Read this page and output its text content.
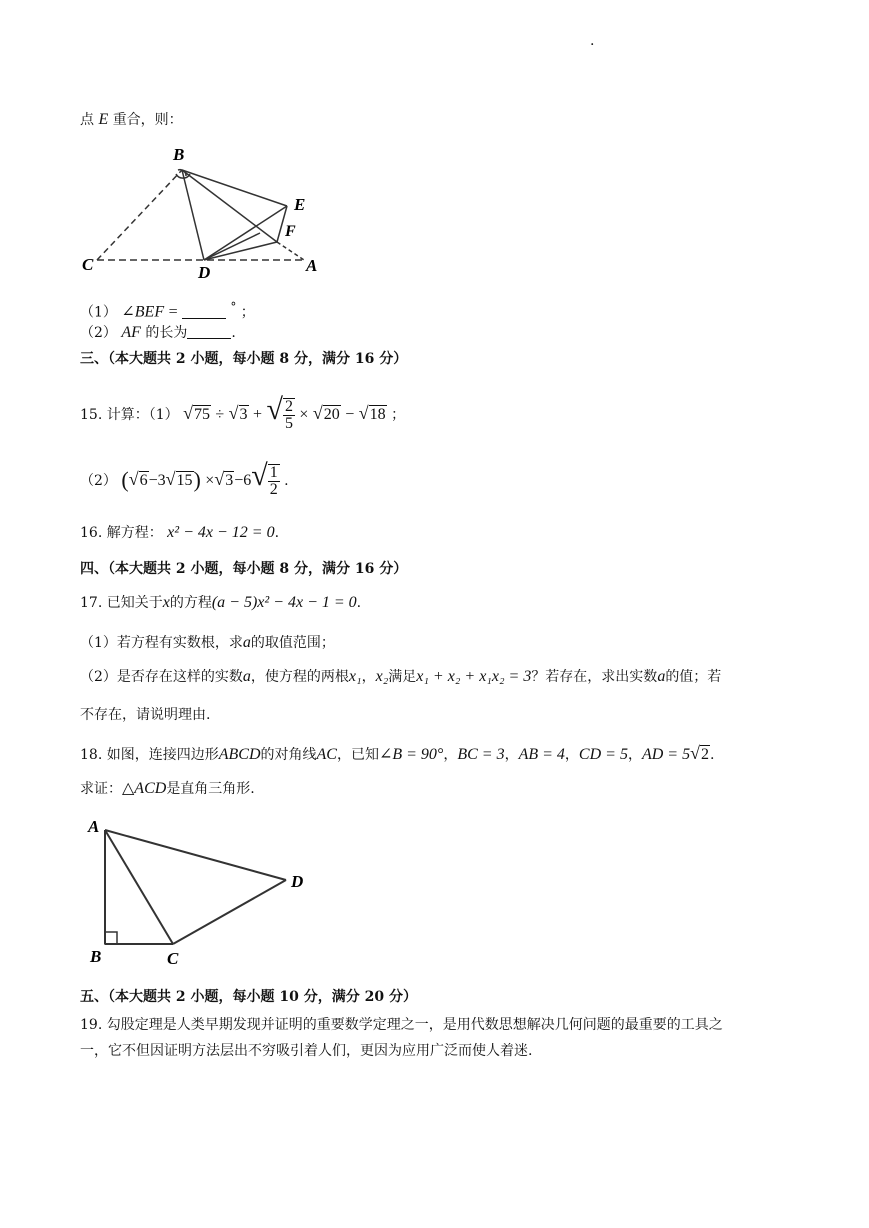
.
点 E 重合，则：
B
E
F
C	D	A
（1） ∠BEF =	° ；
（2） AF 的长为	.
三、（本大题共 2 小题，每小题 8 分，满分 16 分）
15. 计算：（1） √75 ÷ √3 + √ $\frac{2}{5} \times √20 - √18$ ；
（2） $(√6-3√15) \times√3-6√ \frac{1}{2}$ .
16. 解方程： x² − 4x − 12 = 0.
四、（本大题共 2 小题，每小题 8 分，满分 16 分）
17. 已知关于x的方程(a − 5)x² − 4x − 1 = 0.
（1）若方程有实数根，求a的取值范围；
（2）是否存在这样的实数a，使方程的两根x₁，x₂满足x₁ + x₂ + x₁x₂ = 3？若存在，求出实数a的值；若
不存在，请说明理由.
18. 如图，连接四边形ABCD的对角线AC，已知∠B = 90°，BC = 3，AB = 4，CD = 5，AD = 5√2.
求证：△ACD是直角三角形.
A
B	C
D
五、（本大题共 2 小题，每小题 10 分，满分 20 分）
19. 勾股定理是人类早期发现并证明的重要数学定理之一，是用代数思想解决几何问题的最重要的工具之
一，它不但因证明方法层出不穷吸引着人们，更因为应用广泛而使人着迷.
